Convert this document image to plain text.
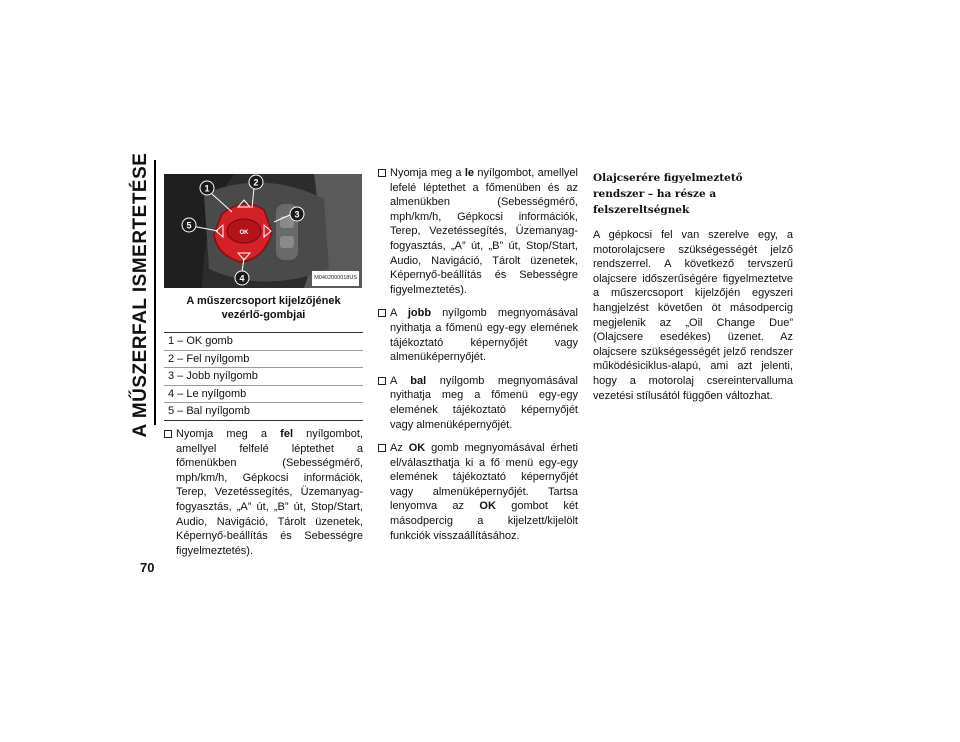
A MŰSZERFAL ISMERTETÉSE
70
1
2
3
4
5
OK
M0402000018US
A műszercsoport kijelzőjének vezérlő-gombjai
1 – OK gomb
2 – Fel nyílgomb
3 – Jobb nyílgomb
4 – Le nyílgomb
5 – Bal nyílgomb
Nyomja meg a fel nyílgombot, amellyel felfelé léptethet a főmenükben (Sebességmérő, mph/km/h, Gépkocsi információk, Terep, Vezetéssegítés, Üzemanyag-fogyasztás, „A” út, „B” út, Stop/Start, Audio, Navigáció, Tárolt üzenetek, Képernyő-beállítás és Sebességre figyelmeztetés).
Nyomja meg a le nyílgombot, amellyel lefelé léptethet a főmenüben és az almenükben (Sebességmérő, mph/km/h, Gépkocsi információk, Terep, Vezetéssegítés, Üzemanyag-fogyasztás, „A” út, „B” út, Stop/Start, Audio, Navigáció, Tárolt üzenetek, Képernyő-beállítás és Sebességre figyelmeztetés).
A jobb nyílgomb megnyomásával nyithatja a főmenü egy-egy elemének tájékoztató képernyőjét vagy almenüképernyőjét.
A bal nyílgomb megnyomásával nyithatja meg a főmenü egy-egy elemének tájékoztató képernyőjét vagy almenüképernyőjét.
Az OK gomb megnyomásával érheti el/választhatja ki a fő menü egy-egy elemének tájékoztató képernyőjét vagy almenüképernyőjét. Tartsa lenyomva az OK gombot két másodpercig a kijelzett/kijelölt funkciók visszaállításához.
Olajcserére figyelmeztető rendszer – ha része a felszereltségnek
A gépkocsi fel van szerelve egy, a motorolajcsere szükségességét jelző rendszerrel. A következő tervszerű olajcsere időszerűségére figyelmeztetve a műszercsoport kijelzőjén egyszeri hangjelzést követően öt másodpercig megjelenik az „Oil Change Due” (Olajcsere esedékes) üzenet. Az olajcsere szükségességét jelző rendszer működésiciklus-alapú, ami azt jelenti, hogy a motorolaj csereintervalluma vezetési stílusától függően változhat.
